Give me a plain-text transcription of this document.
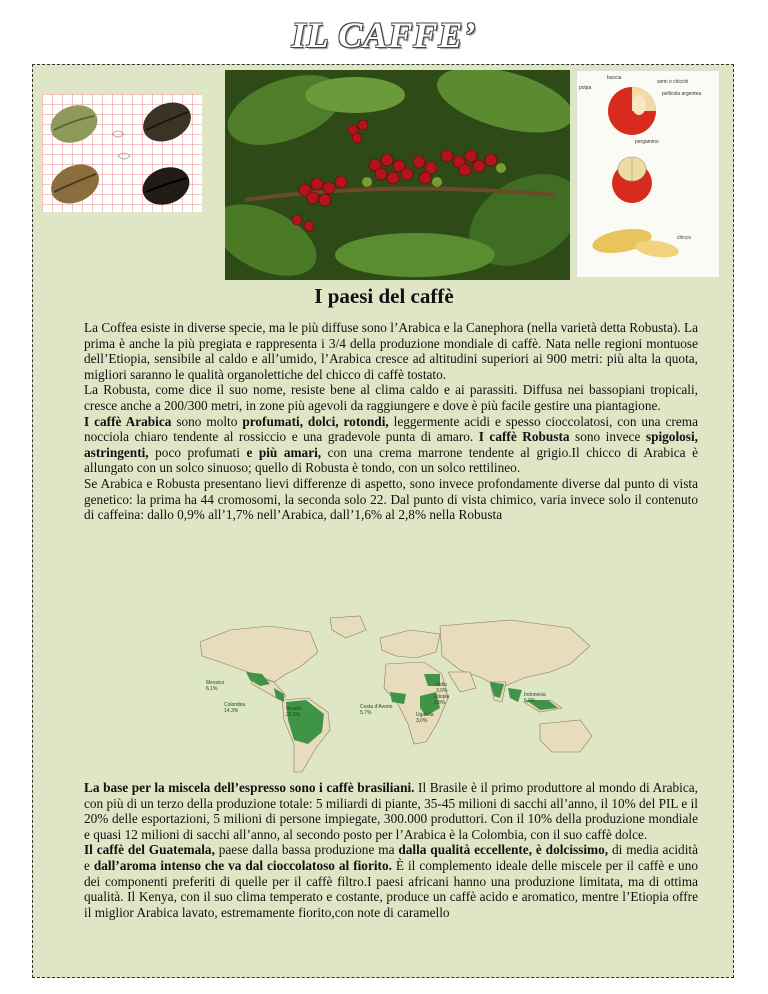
IL CAFFE’
buccia
polpa
semi o chicchi
pellicola argentea
pergamino
chicco
I paesi del caffè

La Coffea esiste in diverse specie, ma le più diffuse sono l’Arabica e la Canephora (nella varietà detta Robusta). La prima è anche la più pregiata e rappresenta i 3/4 della produzione mondiale di caffè. Nata nelle regioni montuose dell’Etiopia, sensibile al caldo e all’umido, l’Arabica cresce ad altitudini superiori ai 900 metri: più alta la quota, migliori saranno le qualità organolettiche del chicco di caffè tostato.

La Robusta, come dice il suo nome, resiste bene al clima caldo e ai parassiti. Diffusa nei bassopiani tropicali, cresce anche a 200/300 metri, in zone più agevoli da raggiungere e dove è più facile gestire una piantagione.

I caffè Arabica sono molto profumati, dolci, rotondi, leggermente acidi e spesso cioccolatosi, con una crema nocciola chiaro tendente al rossiccio e una gradevole punta di amaro. I caffè Robusta sono invece spigolosi, astringenti, poco profumati e più amari, con una crema marrone tendente al grigio.Il chicco di Arabica è allungato con un solco sinuoso; quello di Robusta è tondo, con un solco rettilineo.

Se Arabica e Robusta presentano lievi differenze di aspetto, sono invece profondamente diverse dal punto di vista genetico: la prima ha 44 cromosomi, la seconda solo 22. Dal punto di vista chimico, varia invece solo il contenuto di caffeina: dallo 0,9% all’1,7% nell’Arabica, dall’1,6% al 2,8% nella Robusta

Messico
6,1%
Colombia
14,3%	Brasile
23,8%
Costa d’Avorio
5,7%	Uganda
3,0%
Etiopia
3,8%
India
3,0%
Indonesia
6,9%

La base per la miscela dell’espresso sono i caffè brasiliani. Il Brasile è il primo produttore al mondo di Arabica, con più di un terzo della produzione totale: 5 miliardi di piante, 35-45 milioni di sacchi all’anno, il 10% del PIL e il 20% delle esportazioni, 5 milioni di persone impiegate, 300.000 produttori. Con il 10% della produzione mondiale e quasi 12 milioni di sacchi all’anno, al secondo posto per l’Arabica è la Colombia, con il suo caffè dolce.

Il caffè del Guatemala, paese dalla bassa produzione ma dalla qualità eccellente, è dolcissimo, di media acidità e dall’aroma intenso che va dal cioccolatoso al fiorito. È il complemento ideale delle miscele per il caffè e uno dei componenti preferiti di quelle per il caffè filtro.I paesi africani hanno una produzione limitata, ma di ottima qualità. Il Kenya, con il suo clima temperato e costante, produce un caffè acido e aromatico, mentre l’Etiopia offre il miglior Arabica lavato, estremamente fiorito,con note di caramello
